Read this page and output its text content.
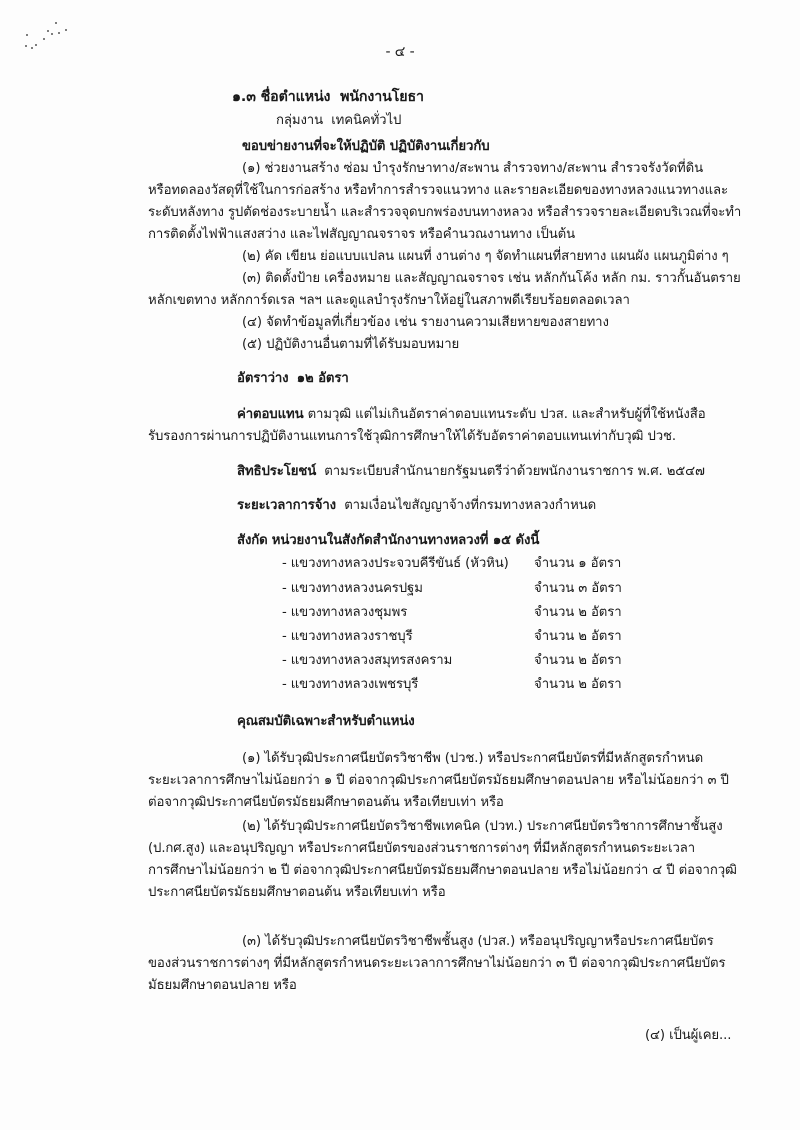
- ๔ -
๑.๓ ชื่อตำแหน่ง พนักงานโยธา
กลุ่มงาน เทคนิคทั่วไป
ขอบข่ายงานที่จะให้ปฏิบัติ ปฏิบัติงานเกี่ยวกับ
(๑) ช่วยงานสร้าง ซ่อม บำรุงรักษาทาง/สะพาน สำรวจทาง/สะพาน สำรวจรังวัดที่ดิน
หรือทดลองวัสดุที่ใช้ในการก่อสร้าง หรือทำการสำรวจแนวทาง และรายละเอียดของทางหลวงแนวทางและ
ระดับหลังทาง รูปตัดช่องระบายน้ำ และสำรวจจุดบกพร่องบนทางหลวง หรือสำรวจรายละเอียดบริเวณที่จะทำ
การติดตั้งไฟฟ้าแสงสว่าง และไฟสัญญาณจราจร หรือคำนวณงานทาง เป็นต้น
(๒) คัด เขียน ย่อแบบแปลน แผนที่ งานต่าง ๆ จัดทำแผนที่สายทาง แผนผัง แผนภูมิต่าง ๆ
(๓) ติดตั้งป้าย เครื่องหมาย และสัญญาณจราจร เช่น หลักกันโค้ง หลัก กม. ราวกั้นอันตราย
หลักเขตทาง หลักการ์ดเรล ฯลฯ และดูแลบำรุงรักษาให้อยู่ในสภาพดีเรียบร้อยตลอดเวลา
(๔) จัดทำข้อมูลที่เกี่ยวข้อง เช่น รายงานความเสียหายของสายทาง
(๕) ปฏิบัติงานอื่นตามที่ได้รับมอบหมาย
อัตราว่าง ๑๒ อัตรา
ค่าตอบแทน ตามวุฒิ แต่ไม่เกินอัตราค่าตอบแทนระดับ ปวส. และสำหรับผู้ที่ใช้หนังสือ
รับรองการผ่านการปฏิบัติงานแทนการใช้วุฒิการศึกษาให้ได้รับอัตราค่าตอบแทนเท่ากับวุฒิ ปวช.
สิทธิประโยชน์ ตามระเบียบสำนักนายกรัฐมนตรีว่าด้วยพนักงานราชการ พ.ศ. ๒๕๔๗
ระยะเวลาการจ้าง ตามเงื่อนไขสัญญาจ้างที่กรมทางหลวงกำหนด
สังกัด หน่วยงานในสังกัดสำนักงานทางหลวงที่ ๑๕ ดังนี้
- แขวงทางหลวงประจวบคีรีขันธ์ (หัวหิน) จำนวน ๑ อัตรา
- แขวงทางหลวงนครปฐม	จำนวน ๓ อัตรา
- แขวงทางหลวงชุมพร	จำนวน ๒ อัตรา
- แขวงทางหลวงราชบุรี	จำนวน ๒ อัตรา
- แขวงทางหลวงสมุทรสงคราม	จำนวน ๒ อัตรา
- แขวงทางหลวงเพชรบุรี	จำนวน ๒ อัตรา
คุณสมบัติเฉพาะสำหรับตำแหน่ง
(๑) ได้รับวุฒิประกาศนียบัตรวิชาชีพ (ปวช.) หรือประกาศนียบัตรที่มีหลักสูตรกำหนด
ระยะเวลาการศึกษาไม่น้อยกว่า ๑ ปี ต่อจากวุฒิประกาศนียบัตรมัธยมศึกษาตอนปลาย หรือไม่น้อยกว่า ๓ ปี
ต่อจากวุฒิประกาศนียบัตรมัธยมศึกษาตอนต้น หรือเทียบเท่า หรือ
(๒) ได้รับวุฒิประกาศนียบัตรวิชาชีพเทคนิค (ปวท.) ประกาศนียบัตรวิชาการศึกษาชั้นสูง
(ป.กศ.สูง) และอนุปริญญา หรือประกาศนียบัตรของส่วนราชการต่างๆ ที่มีหลักสูตรกำหนดระยะเวลา
การศึกษาไม่น้อยกว่า ๒ ปี ต่อจากวุฒิประกาศนียบัตรมัธยมศึกษาตอนปลาย หรือไม่น้อยกว่า ๔ ปี ต่อจากวุฒิ
ประกาศนียบัตรมัธยมศึกษาตอนต้น หรือเทียบเท่า หรือ
(๓) ได้รับวุฒิประกาศนียบัตรวิชาชีพชั้นสูง (ปวส.) หรืออนุปริญญาหรือประกาศนียบัตร
ของส่วนราชการต่างๆ ที่มีหลักสูตรกำหนดระยะเวลาการศึกษาไม่น้อยกว่า ๓ ปี ต่อจากวุฒิประกาศนียบัตร
มัธยมศึกษาตอนปลาย หรือ
(๔) เป็นผู้เคย...
